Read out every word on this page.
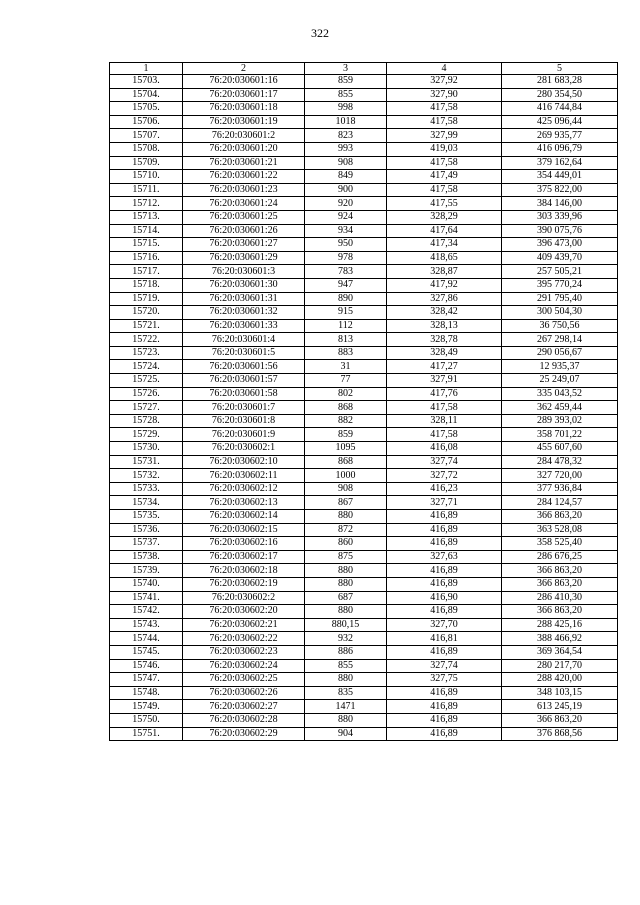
322
1	2	3	4	5
15703.	76:20:030601:16	859	327,92	281 683,28
15704.	76:20:030601:17	855	327,90	280 354,50
15705.	76:20:030601:18	998	417,58	416 744,84
15706.	76:20:030601:19	1018	417,58	425 096,44
15707.	76:20:030601:2	823	327,99	269 935,77
15708.	76:20:030601:20	993	419,03	416 096,79
15709.	76:20:030601:21	908	417,58	379 162,64
15710.	76:20:030601:22	849	417,49	354 449,01
15711.	76:20:030601:23	900	417,58	375 822,00
15712.	76:20:030601:24	920	417,55	384 146,00
15713.	76:20:030601:25	924	328,29	303 339,96
15714.	76:20:030601:26	934	417,64	390 075,76
15715.	76:20:030601:27	950	417,34	396 473,00
15716.	76:20:030601:29	978	418,65	409 439,70
15717.	76:20:030601:3	783	328,87	257 505,21
15718.	76:20:030601:30	947	417,92	395 770,24
15719.	76:20:030601:31	890	327,86	291 795,40
15720.	76:20:030601:32	915	328,42	300 504,30
15721.	76:20:030601:33	112	328,13	36 750,56
15722.	76:20:030601:4	813	328,78	267 298,14
15723.	76:20:030601:5	883	328,49	290 056,67
15724.	76:20:030601:56	31	417,27	12 935,37
15725.	76:20:030601:57	77	327,91	25 249,07
15726.	76:20:030601:58	802	417,76	335 043,52
15727.	76:20:030601:7	868	417,58	362 459,44
15728.	76:20:030601:8	882	328,11	289 393,02
15729.	76:20:030601:9	859	417,58	358 701,22
15730.	76:20:030602:1	1095	416,08	455 607,60
15731.	76:20:030602:10	868	327,74	284 478,32
15732.	76:20:030602:11	1000	327,72	327 720,00
15733.	76:20:030602:12	908	416,23	377 936,84
15734.	76:20:030602:13	867	327,71	284 124,57
15735.	76:20:030602:14	880	416,89	366 863,20
15736.	76:20:030602:15	872	416,89	363 528,08
15737.	76:20:030602:16	860	416,89	358 525,40
15738.	76:20:030602:17	875	327,63	286 676,25
15739.	76:20:030602:18	880	416,89	366 863,20
15740.	76:20:030602:19	880	416,89	366 863,20
15741.	76:20:030602:2	687	416,90	286 410,30
15742.	76:20:030602:20	880	416,89	366 863,20
15743.	76:20:030602:21	880,15	327,70	288 425,16
15744.	76:20:030602:22	932	416,81	388 466,92
15745.	76:20:030602:23	886	416,89	369 364,54
15746.	76:20:030602:24	855	327,74	280 217,70
15747.	76:20:030602:25	880	327,75	288 420,00
15748.	76:20:030602:26	835	416,89	348 103,15
15749.	76:20:030602:27	1471	416,89	613 245,19
15750.	76:20:030602:28	880	416,89	366 863,20
15751.	76:20:030602:29	904	416,89	376 868,56
